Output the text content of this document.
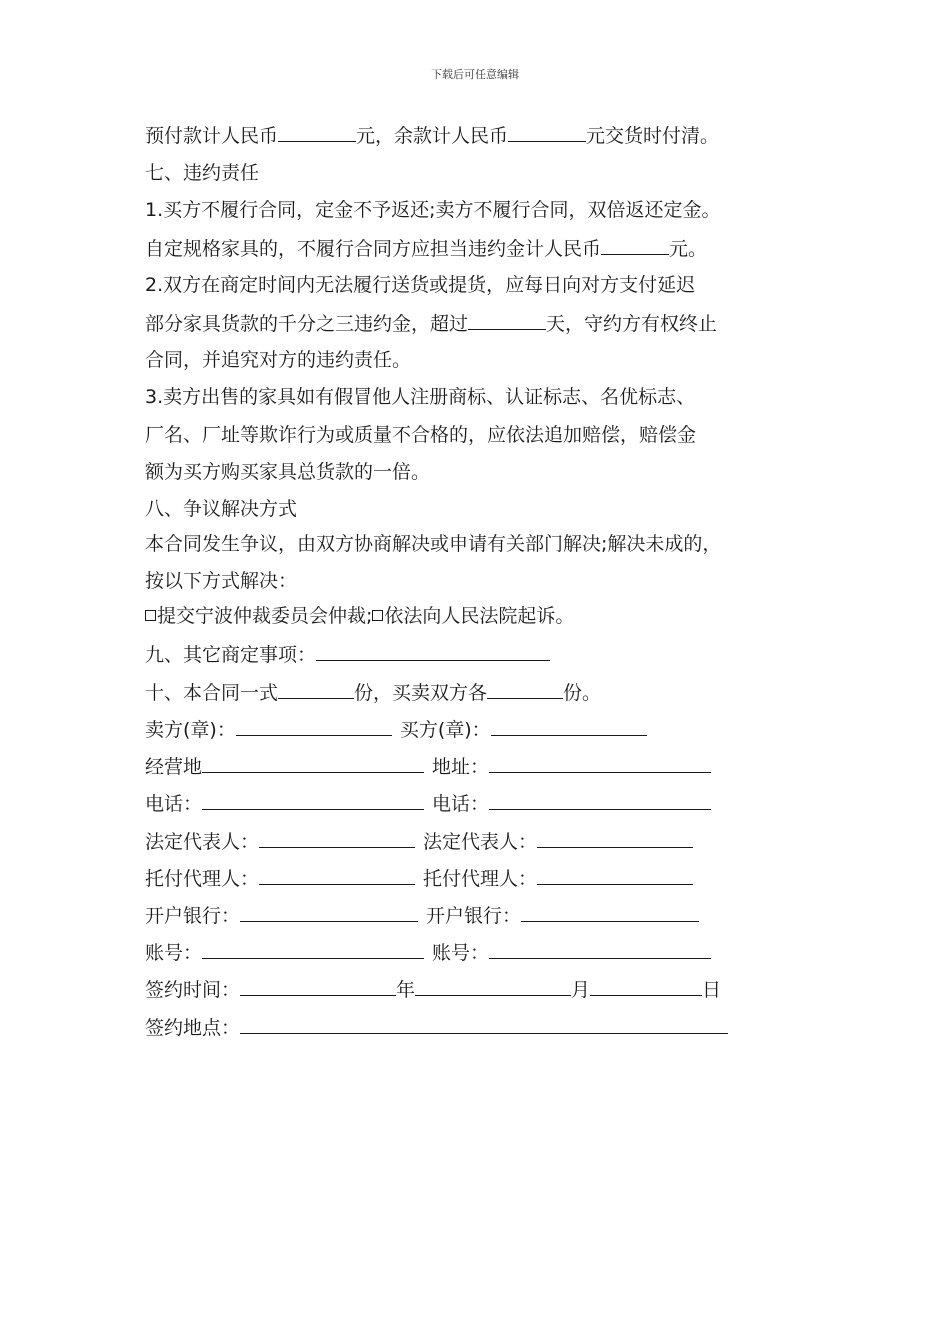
下载后可任意编辑
预付款计人民币	元，余款计人民币	元交货时付清。
七、违约责任
1.买方不履行合同，定金不予返还;卖方不履行合同，双倍返还定金。
自定规格家具的，不履行合同方应担当违约金计人民币	元。
2.双方在商定时间内无法履行送货或提货，应每日向对方支付延迟
部分家具货款的千分之三违约金，超过	天，守约方有权终止
合同，并追究对方的违约责任。
3.卖方出售的家具如有假冒他人注册商标、认证标志、名优标志、
厂名、厂址等欺诈行为或质量不合格的，应依法追加赔偿，赔偿金
额为买方购买家具总货款的一倍。
八、争议解决方式
本合同发生争议，由双方协商解决或申请有关部门解决;解决未成的，
按以下方式解决：
提交宁波仲裁委员会仲裁; 依法向人民法院起诉。
九、其它商定事项：
十、本合同一式	份，买卖双方各	份。
卖方(章)：	买方(章)：
经营地	地址：
电话：	电话：
法定代表人：	法定代表人：
托付代理人：	托付代理人：
开户银行：	开户银行：
账号：	账号：
签约时间：	年	月	日
签约地点：
